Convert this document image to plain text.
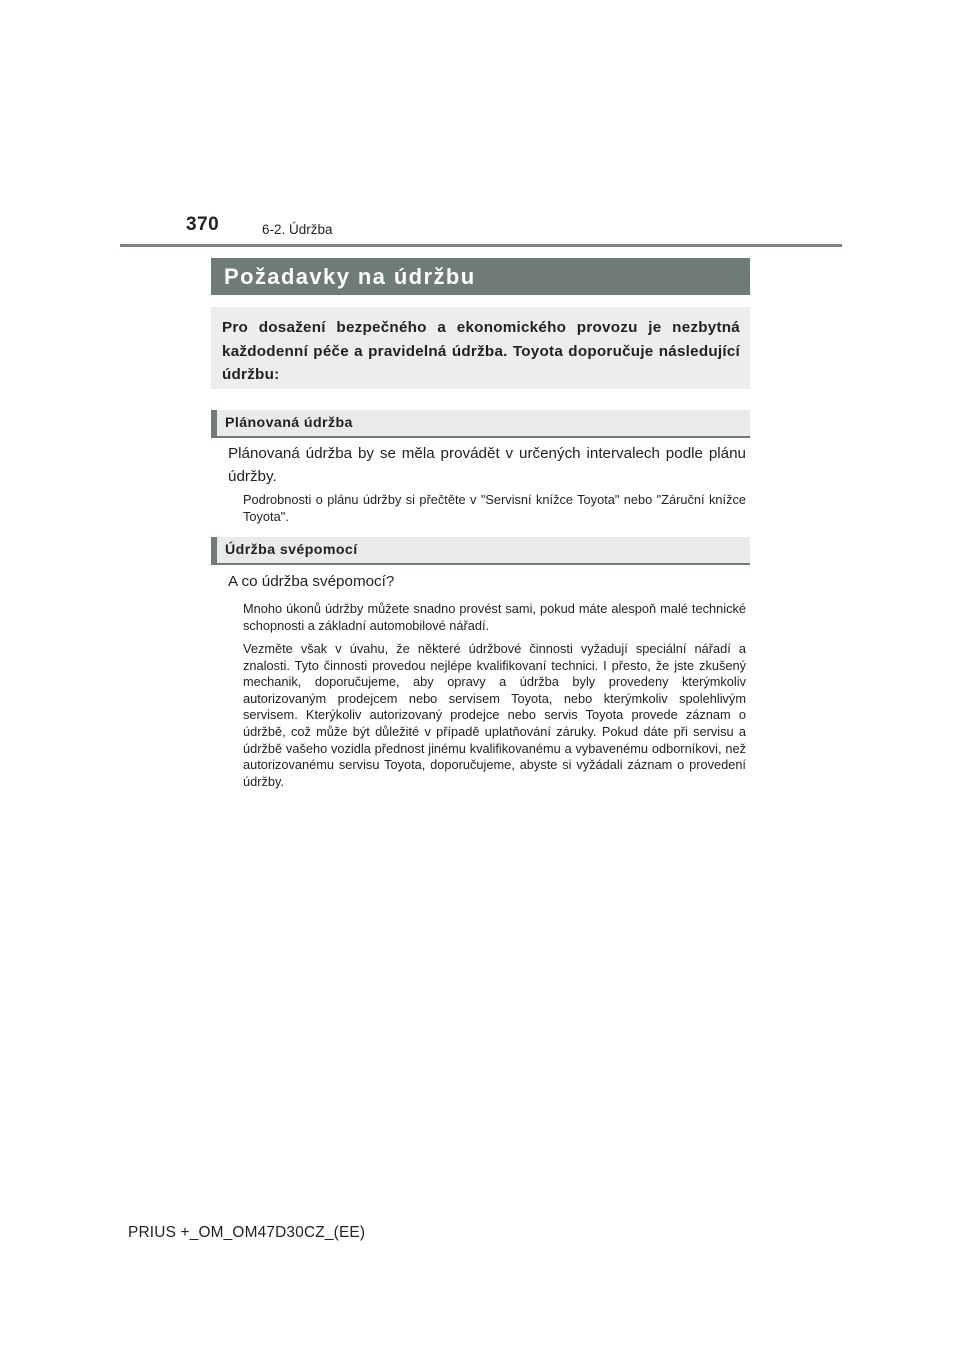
370	6-2. Údržba
Požadavky na údržbu

Pro dosažení bezpečného a ekonomického provozu je nezbytná každodenní péče a pravidelná údržba. Toyota doporučuje následující údržbu:

Plánovaná údržba

Plánovaná údržba by se měla provádět v určených intervalech podle plánu údržby.

Podrobnosti o plánu údržby si přečtěte v "Servisní knížce Toyota" nebo "Záruční knížce Toyota".

Údržba svépomocí

A co údržba svépomocí?

Mnoho úkonů údržby můžete snadno provést sami, pokud máte alespoň malé technické schopnosti a základní automobilové nářadí.

Vezměte však v úvahu, že některé údržbové činnosti vyžadují speciální nářadí a znalosti. Tyto činnosti provedou nejlépe kvalifikovaní technici. I přesto, že jste zkušený mechanik, doporučujeme, aby opravy a údržba byly provedeny kterýmkoliv autorizovaným prodejcem nebo servisem Toyota, nebo kterýmkoliv spolehlivým servisem. Kterýkoliv autorizovaný prodejce nebo servis Toyota provede záznam o údržbě, což může být důležité v případě uplatňování záruky. Pokud dáte při servisu a údržbě vašeho vozidla přednost jinému kvalifikovanému a vybavenému odborníkovi, než autorizovanému servisu Toyota, doporučujeme, abyste si vyžádali záznam o provedení údržby.

PRIUS +_OM_OM47D30CZ_(EE)
